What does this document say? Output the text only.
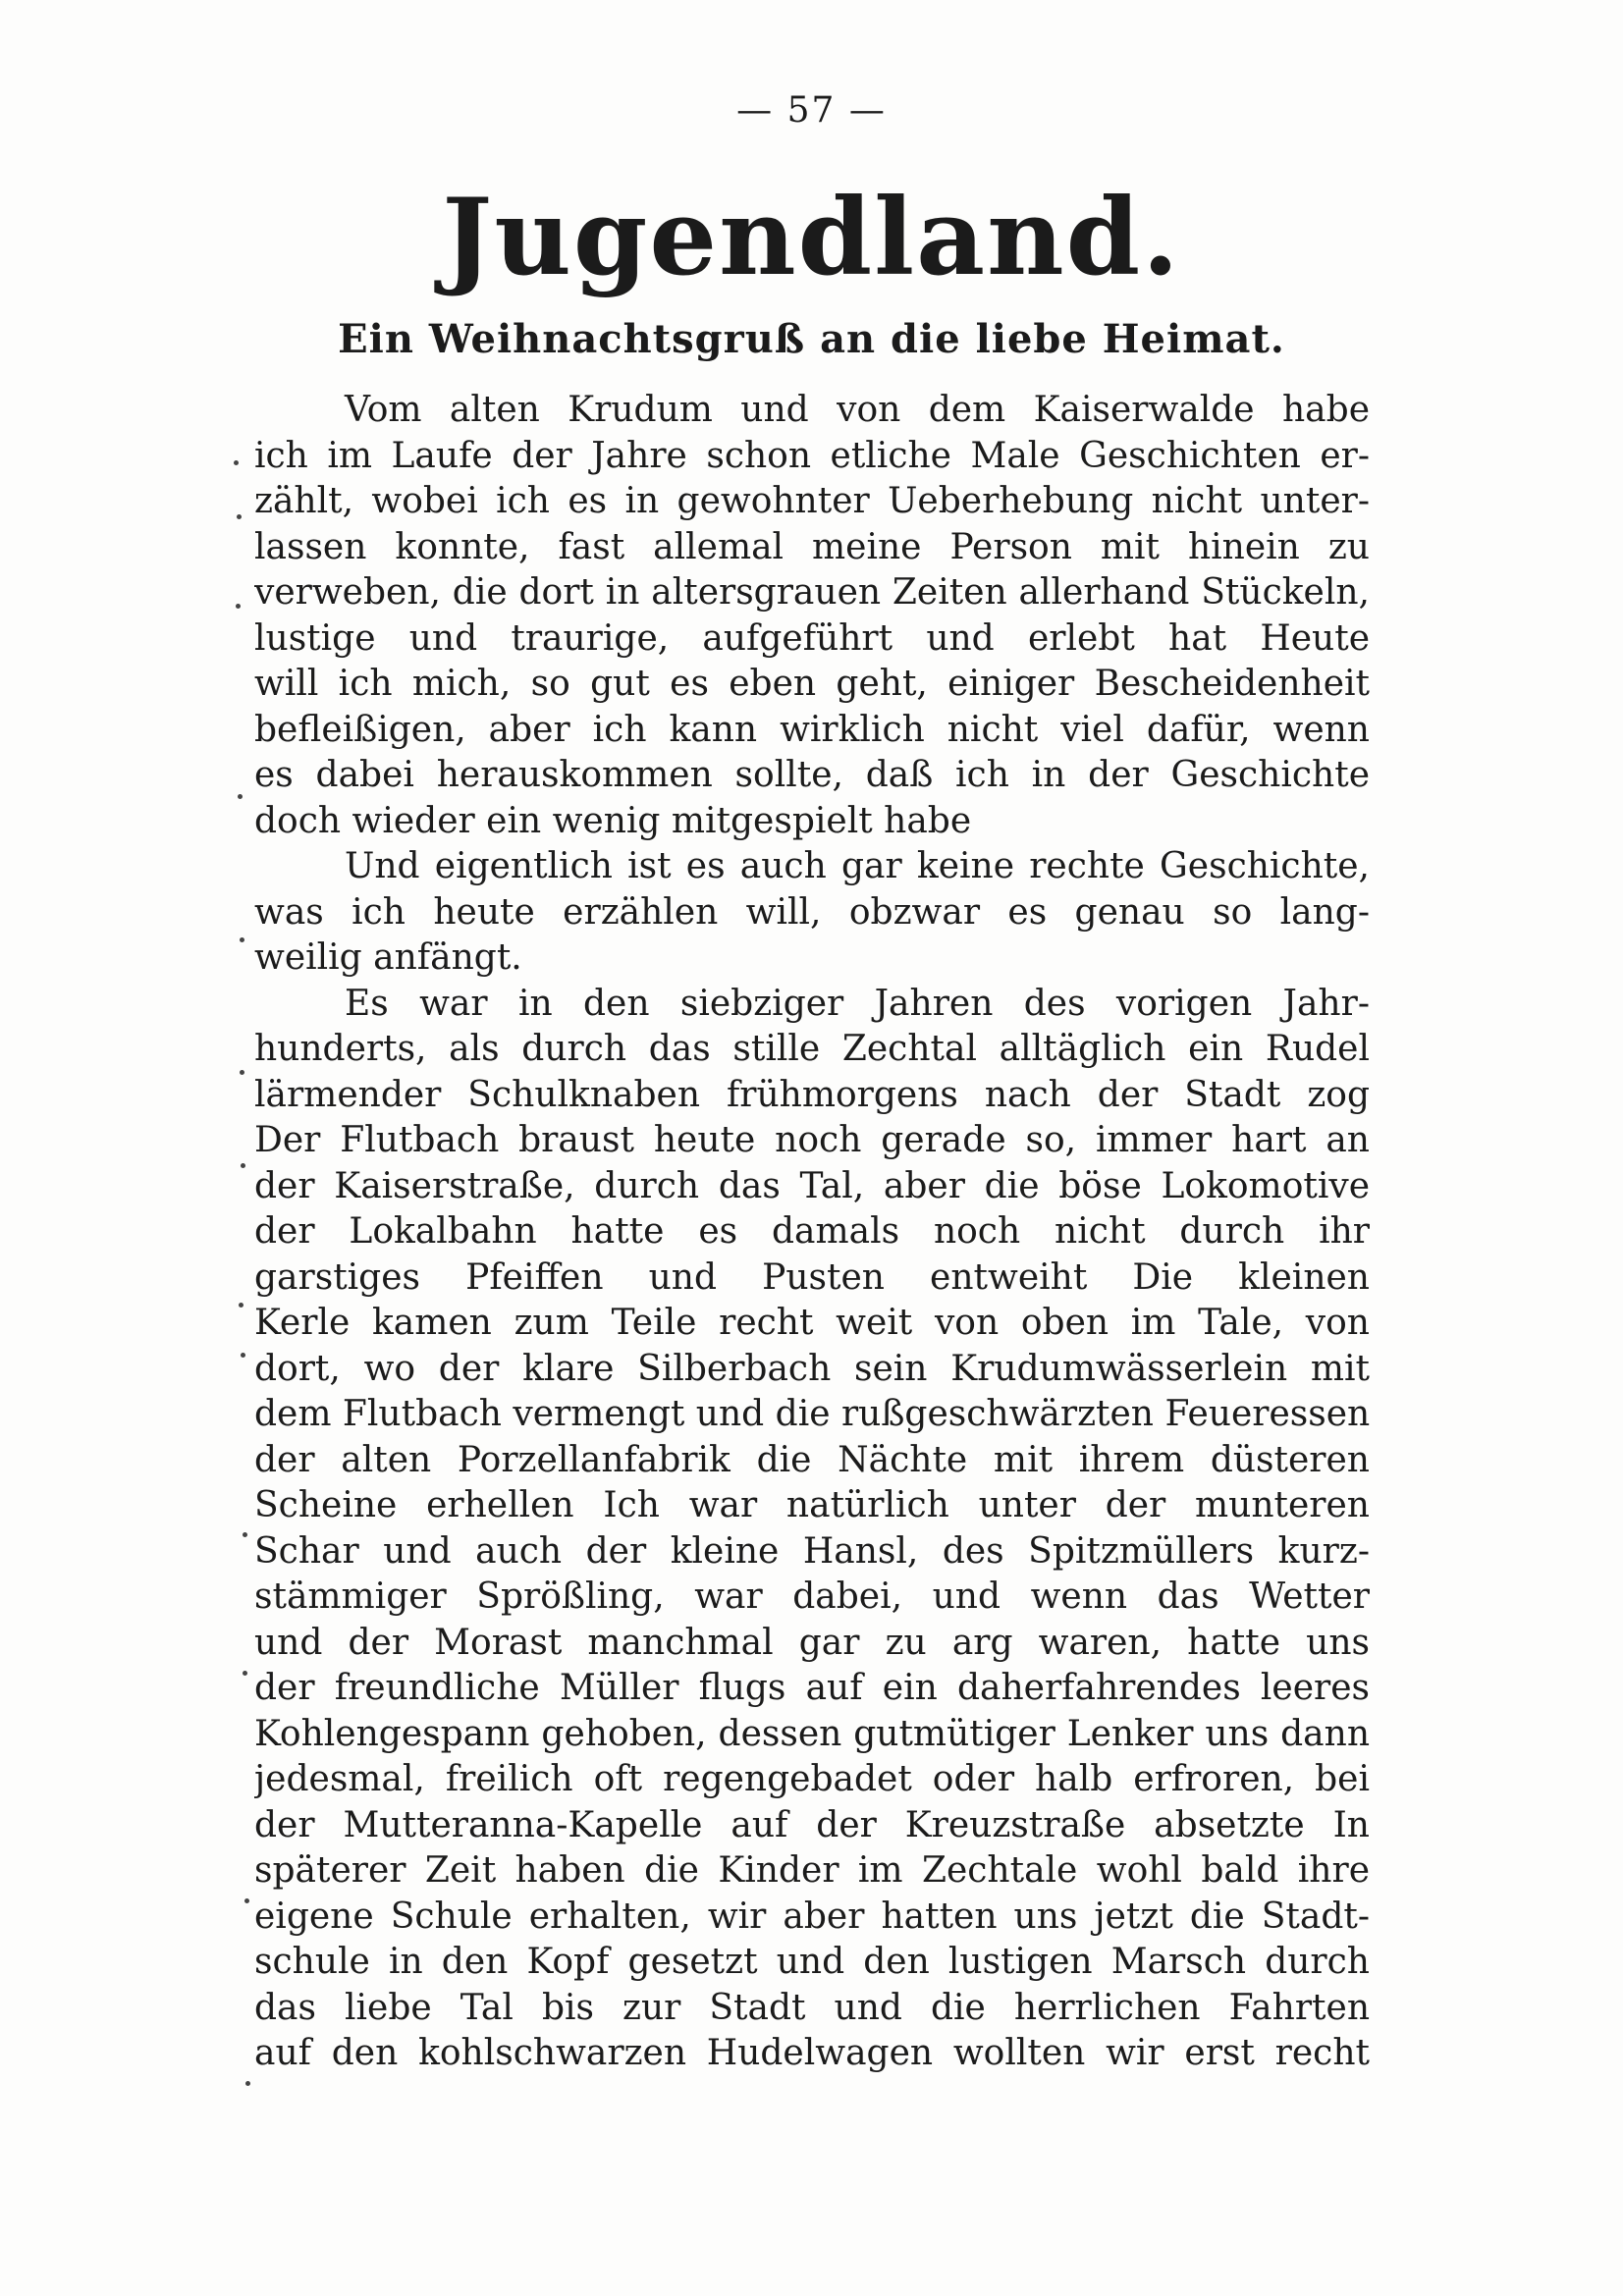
— 57 —
Jugendland.
Ein Weihnachtsgruß an die liebe Heimat.
Vom alten Krudum und von dem Kaiserwalde habe
ich im Laufe der Jahre schon etliche Male Geschichten er-
zählt, wobei ich es in gewohnter Ueberhebung nicht unter-
lassen konnte, fast allemal meine Person mit hinein zu
verweben, die dort in altersgrauen Zeiten allerhand Stückeln,
lustige und traurige, aufgeführt und erlebt hat Heute
will ich mich, so gut es eben geht, einiger Bescheidenheit
befleißigen, aber ich kann wirklich nicht viel dafür, wenn
es dabei herauskommen sollte, daß ich in der Geschichte
doch wieder ein wenig mitgespielt habe
Und eigentlich ist es auch gar keine rechte Geschichte,
was ich heute erzählen will, obzwar es genau so lang-
weilig anfängt.
Es war in den siebziger Jahren des vorigen Jahr-
hunderts, als durch das stille Zechtal alltäglich ein Rudel
lärmender Schulknaben frühmorgens nach der Stadt zog
Der Flutbach braust heute noch gerade so, immer hart an
der Kaiserstraße, durch das Tal, aber die böse Lokomotive
der Lokalbahn hatte es damals noch nicht durch ihr
garstiges Pfeiffen und Pusten entweiht Die kleinen
Kerle kamen zum Teile recht weit von oben im Tale, von
dort, wo der klare Silberbach sein Krudumwässerlein mit
dem Flutbach vermengt und die rußgeschwärzten Feueressen
der alten Porzellanfabrik die Nächte mit ihrem düsteren
Scheine erhellen Ich war natürlich unter der munteren
Schar und auch der kleine Hansl, des Spitzmüllers kurz-
stämmiger Sprößling, war dabei, und wenn das Wetter
und der Morast manchmal gar zu arg waren, hatte uns
der freundliche Müller flugs auf ein daherfahrendes leeres
Kohlengespann gehoben, dessen gutmütiger Lenker uns dann
jedesmal, freilich oft regengebadet oder halb erfroren, bei
der Mutteranna-Kapelle auf der Kreuzstraße absetzte In
späterer Zeit haben die Kinder im Zechtale wohl bald ihre
eigene Schule erhalten, wir aber hatten uns jetzt die Stadt-
schule in den Kopf gesetzt und den lustigen Marsch durch
das liebe Tal bis zur Stadt und die herrlichen Fahrten
auf den kohlschwarzen Hudelwagen wollten wir erst recht
